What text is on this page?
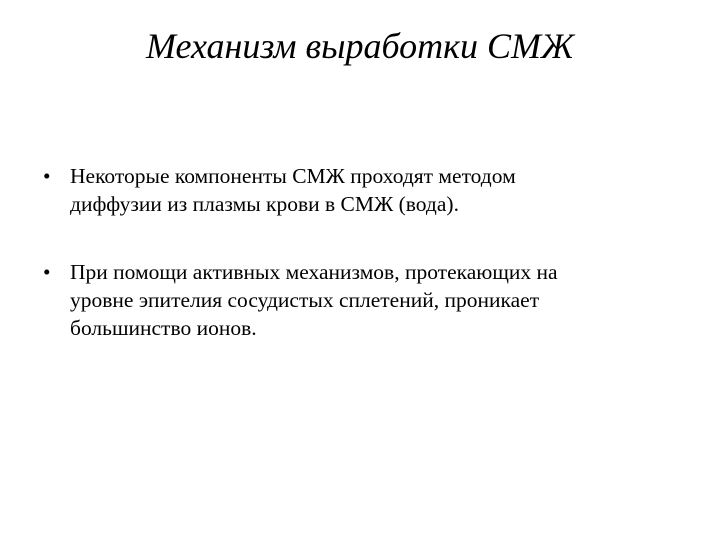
Механизм выработки СМЖ
• Некоторые компоненты СМЖ проходят методом
диффузии из плазмы крови в СМЖ (вода).
• При помощи активных механизмов, протекающих на
уровне эпителия сосудистых сплетений, проникает
большинство ионов.
